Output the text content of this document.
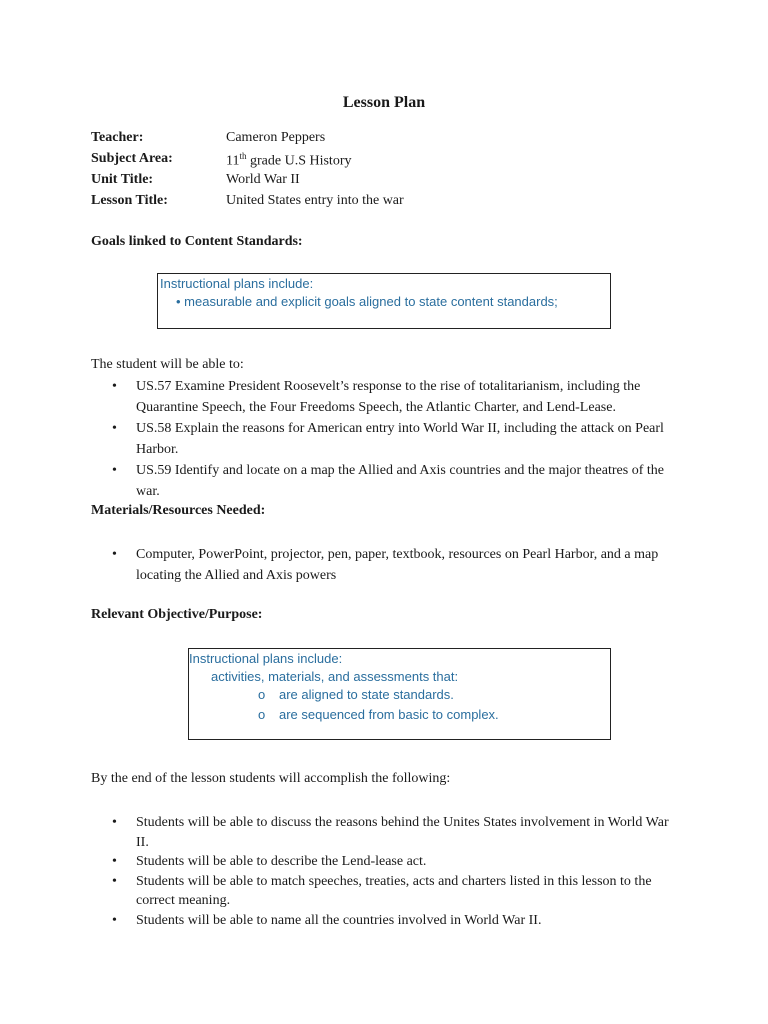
Lesson Plan
Teacher:	Cameron Peppers
Subject Area:	11th grade U.S History
Unit Title:	World War II
Lesson Title:	United States entry into the war
Goals linked to Content Standards:
Instructional plans include:
• measurable and explicit goals aligned to state content standards;
The student will be able to:
• US.57 Examine President Roosevelt’s response to the rise of totalitarianism, including the Quarantine Speech, the Four Freedoms Speech, the Atlantic Charter, and Lend-Lease.
• US.58 Explain the reasons for American entry into World War II, including the attack on Pearl Harbor.
• US.59 Identify and locate on a map the Allied and Axis countries and the major theatres of the war.
Materials/Resources Needed:
• Computer, PowerPoint, projector, pen, paper, textbook, resources on Pearl Harbor, and a map locating the Allied and Axis powers
Relevant Objective/Purpose:
Instructional plans include:
activities, materials, and assessments that:
o are aligned to state standards.
o are sequenced from basic to complex.
By the end of the lesson students will accomplish the following:
• Students will be able to discuss the reasons behind the Unites States involvement in World War II.
• Students will be able to describe the Lend-lease act.
• Students will be able to match speeches, treaties, acts and charters listed in this lesson to the correct meaning.
• Students will be able to name all the countries involved in World War II.
